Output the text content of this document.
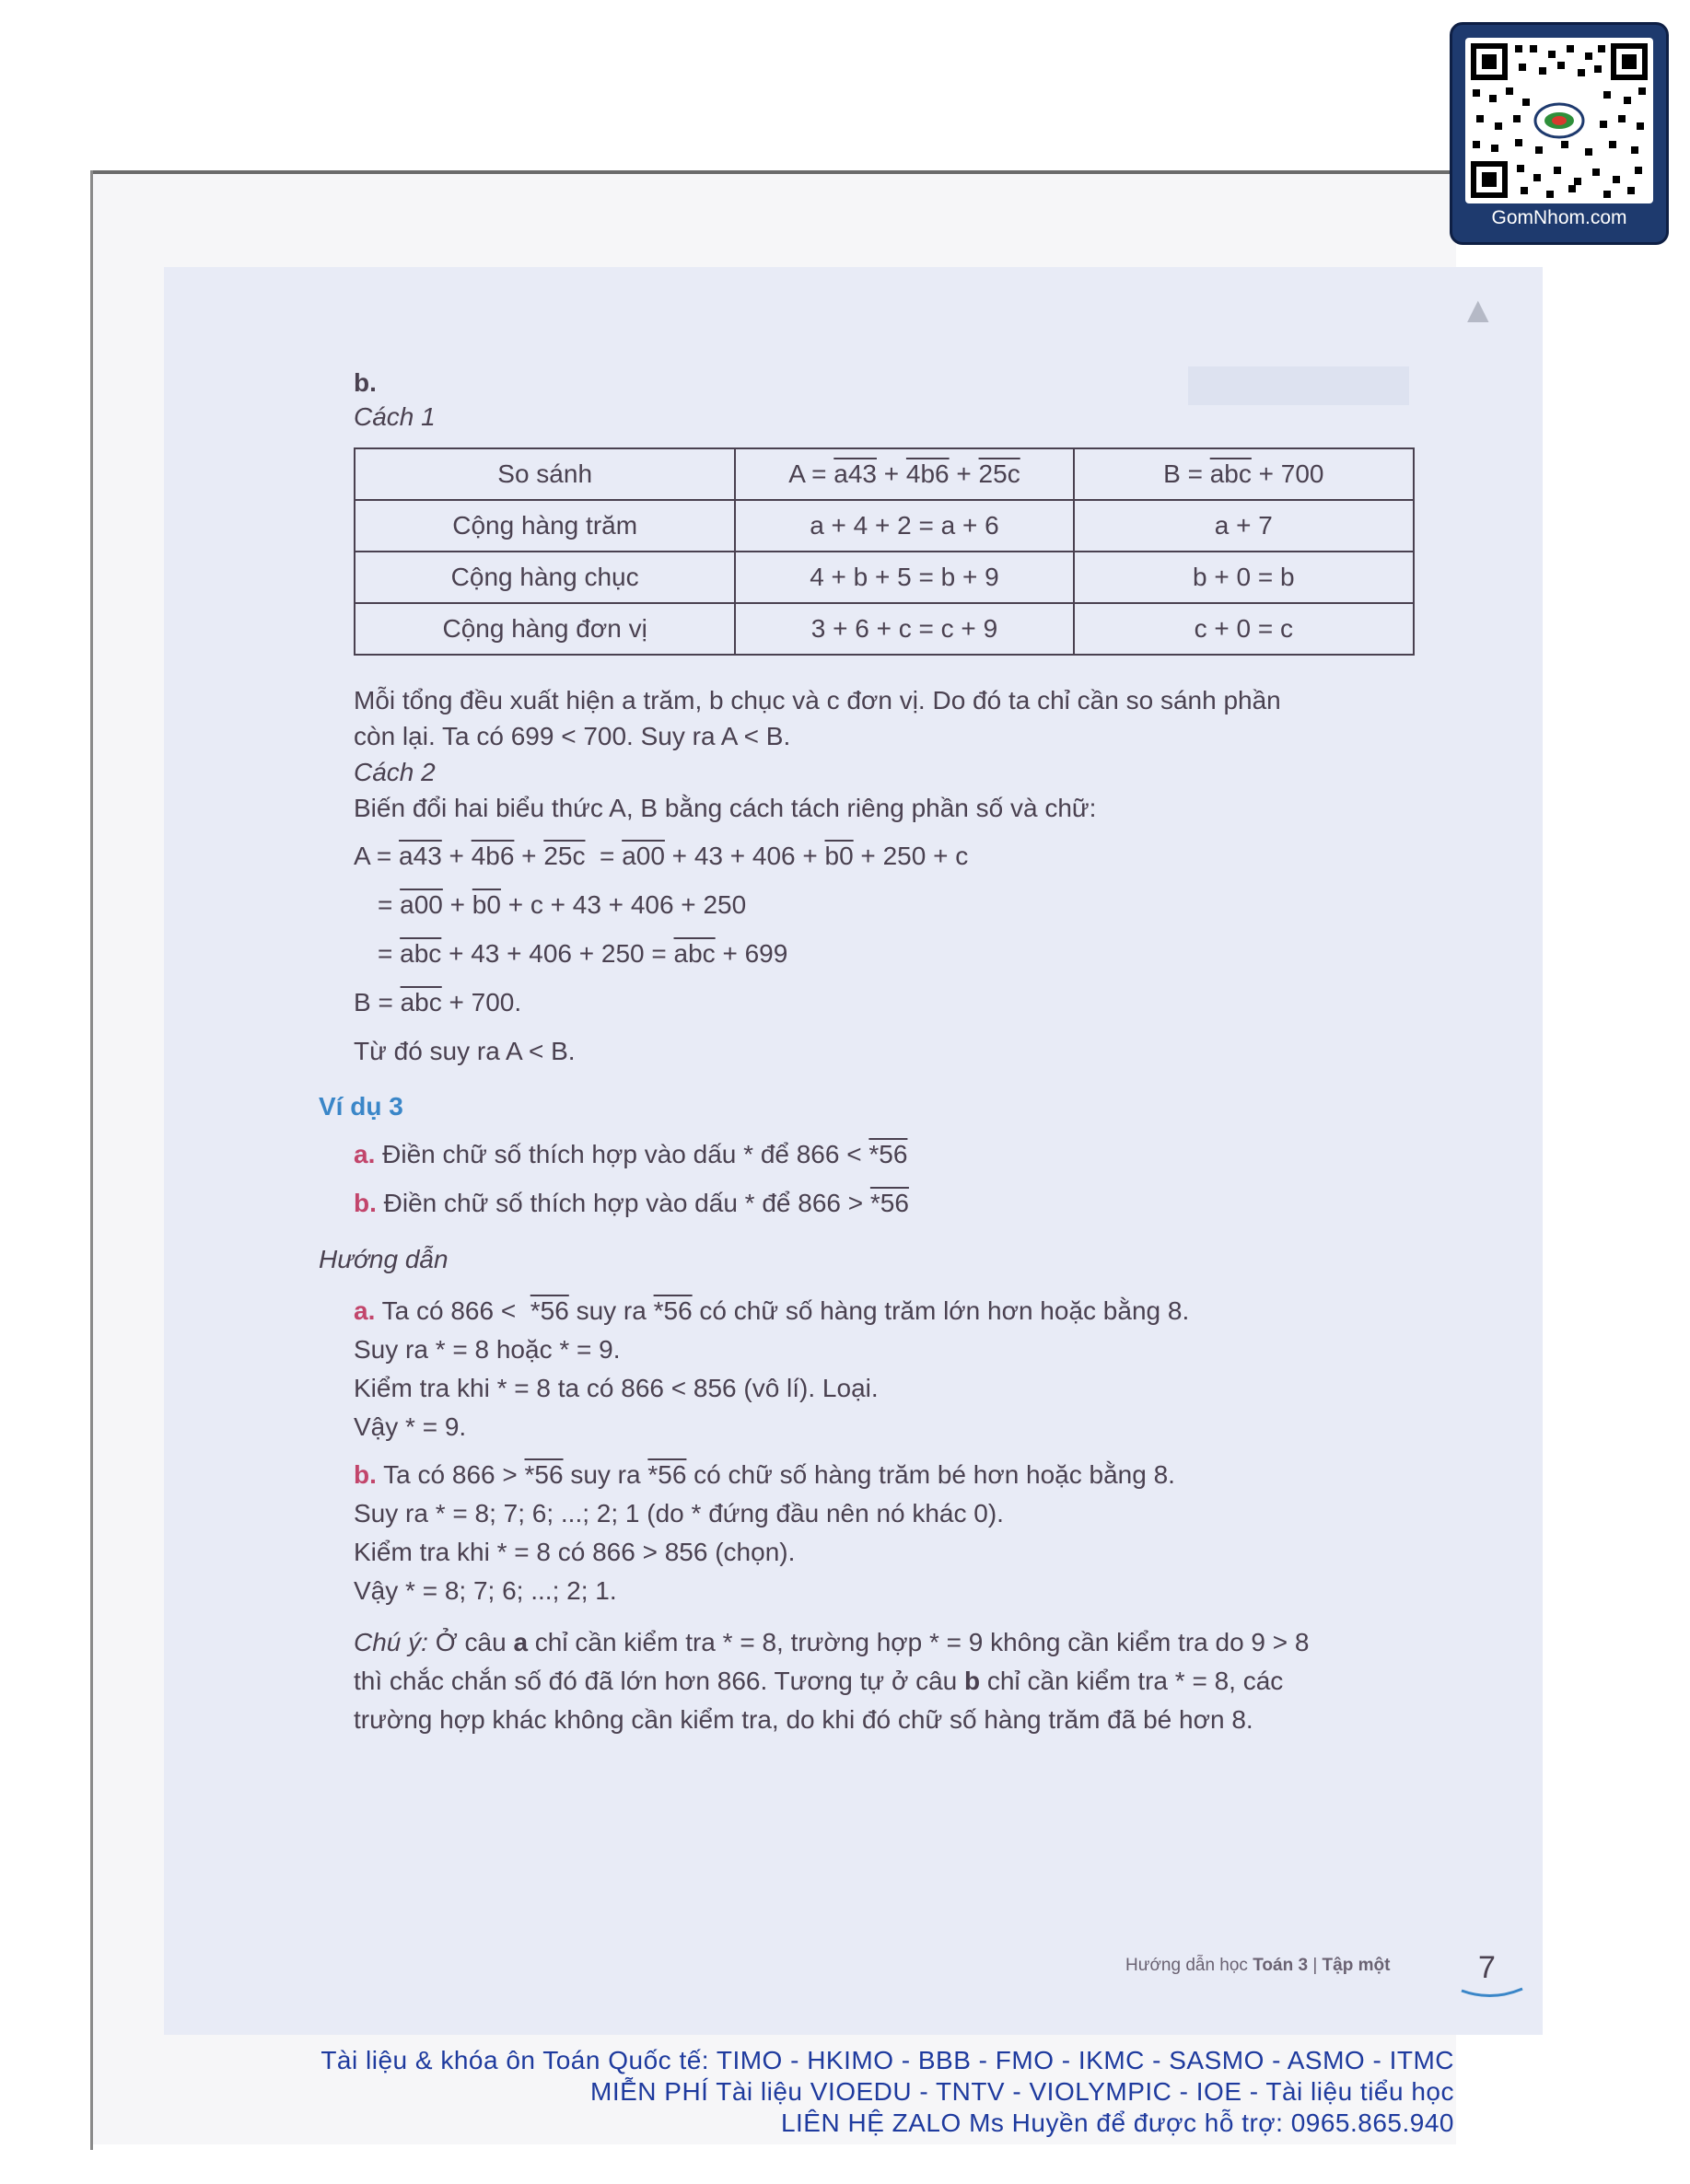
▲
GomNhom.com
b.
Cách 1
So sánh	A = a43 + 4b6 + 25c	$B = \overline{abc} + 700$
Cộng hàng trăm	a + 4 + 2 = a + 6	a + 7
Cộng hàng chục	4 + b + 5 = b + 9	b + 0 = b
Cộng hàng đơn vị	3 + 6 + c = c + 9	c + 0 = c
Mỗi tổng đều xuất hiện a trăm, b chục và c đơn vị. Do đó ta chỉ cần so sánh phần
còn lại. Ta có 699 < 700. Suy ra A < B.
Cách 2
Biến đổi hai biểu thức A, B bằng cách tách riêng phần số và chữ:
A = a43 + 4b6 + 25c  = a00 + 43 + 406 + b0 + 250 + c
= a00 + b0 + c + 43 + 406 + 250
= $\overline{abc} + 43 + 406 + 250 = \overline{abc} + 699$
$B = \overline{abc} + 700$.
Từ đó suy ra A < B.
Ví dụ 3
a. Điền chữ số thích hợp vào dấu * để 866 < *56
b. Điền chữ số thích hợp vào dấu * để 866 > *56
Hướng dẫn
a. Ta có 866 <  *56 suy ra *56 có chữ số hàng trăm lớn hơn hoặc bằng 8.
Suy ra * = 8 hoặc * = 9.
Kiểm tra khi * = 8 ta có 866 < 856 (vô lí). Loại.
Vậy * = 9.
b. Ta có 866 > *56 suy ra *56 có chữ số hàng trăm bé hơn hoặc bằng 8.
Suy ra * = 8; 7; 6; ...; 2; 1 (do * đứng đầu nên nó khác 0).
Kiểm tra khi * = 8 có 866 > 856 (chọn).
Vậy * = 8; 7; 6; ...; 2; 1.
Chú ý: Ở câu a chỉ cần kiểm tra * = 8, trường hợp * = 9 không cần kiểm tra do 9 > 8
thì chắc chắn số đó đã lớn hơn 866. Tương tự ở câu b chỉ cần kiểm tra * = 8, các
trường hợp khác không cần kiểm tra, do khi đó chữ số hàng trăm đã bé hơn 8.
Hướng dẫn học Toán 3 | Tập một	7
Tài liệu & khóa ôn Toán Quốc tế: TIMO - HKIMO - BBB - FMO - IKMC - SASMO - ASMO - ITMC
MIỄN PHÍ Tài liệu VIOEDU - TNTV - VIOLYMPIC - IOE - Tài liệu tiểu học
LIÊN HỆ ZALO Ms Huyền để được hỗ trợ: 0965.865.940
